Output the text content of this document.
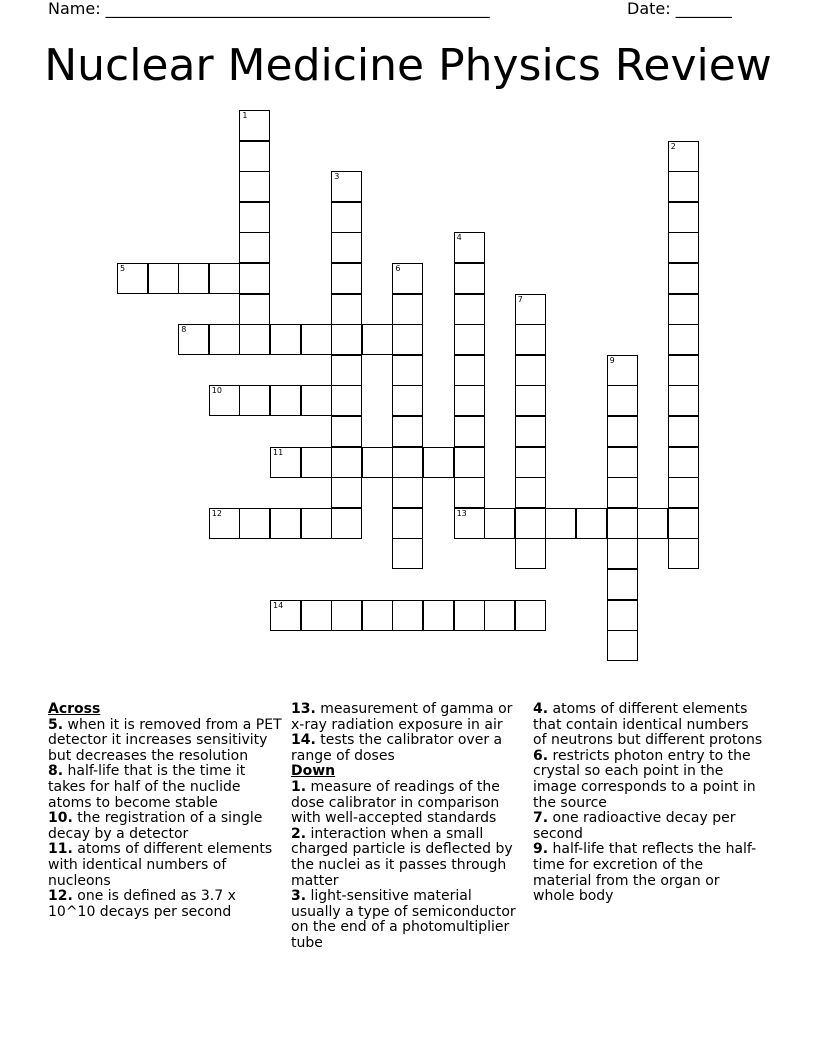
Name: ________________________________________________	Date: _______
Nuclear Medicine Physics Review
1
2
3
4
5	6
7
8
9
10
11
12	13
14

Across

5. when it is removed from a PET detector it increases sensitivity but decreases the resolution

8. half-life that is the time it takes for half of the nuclide atoms to become stable

10. the registration of a single decay by a detector

11. atoms of different elements with identical numbers of nucleons

12. one is defined as 3.7 x 10^10 decays per second

13. measurement of gamma or x-ray radiation exposure in air

14. tests the calibrator over a range of doses

Down

1. measure of readings of the dose calibrator in comparison with well-accepted standards

2. interaction when a small charged particle is deflected by the nuclei as it passes through matter

3. light-sensitive material usually a type of semiconductor on the end of a photomultiplier tube

4. atoms of different elements that contain identical numbers of neutrons but different protons

6. restricts photon entry to the crystal so each point in the image corresponds to a point in the source

7. one radioactive decay per second

9. half-life that reflects the half-time for excretion of the material from the organ or whole body
